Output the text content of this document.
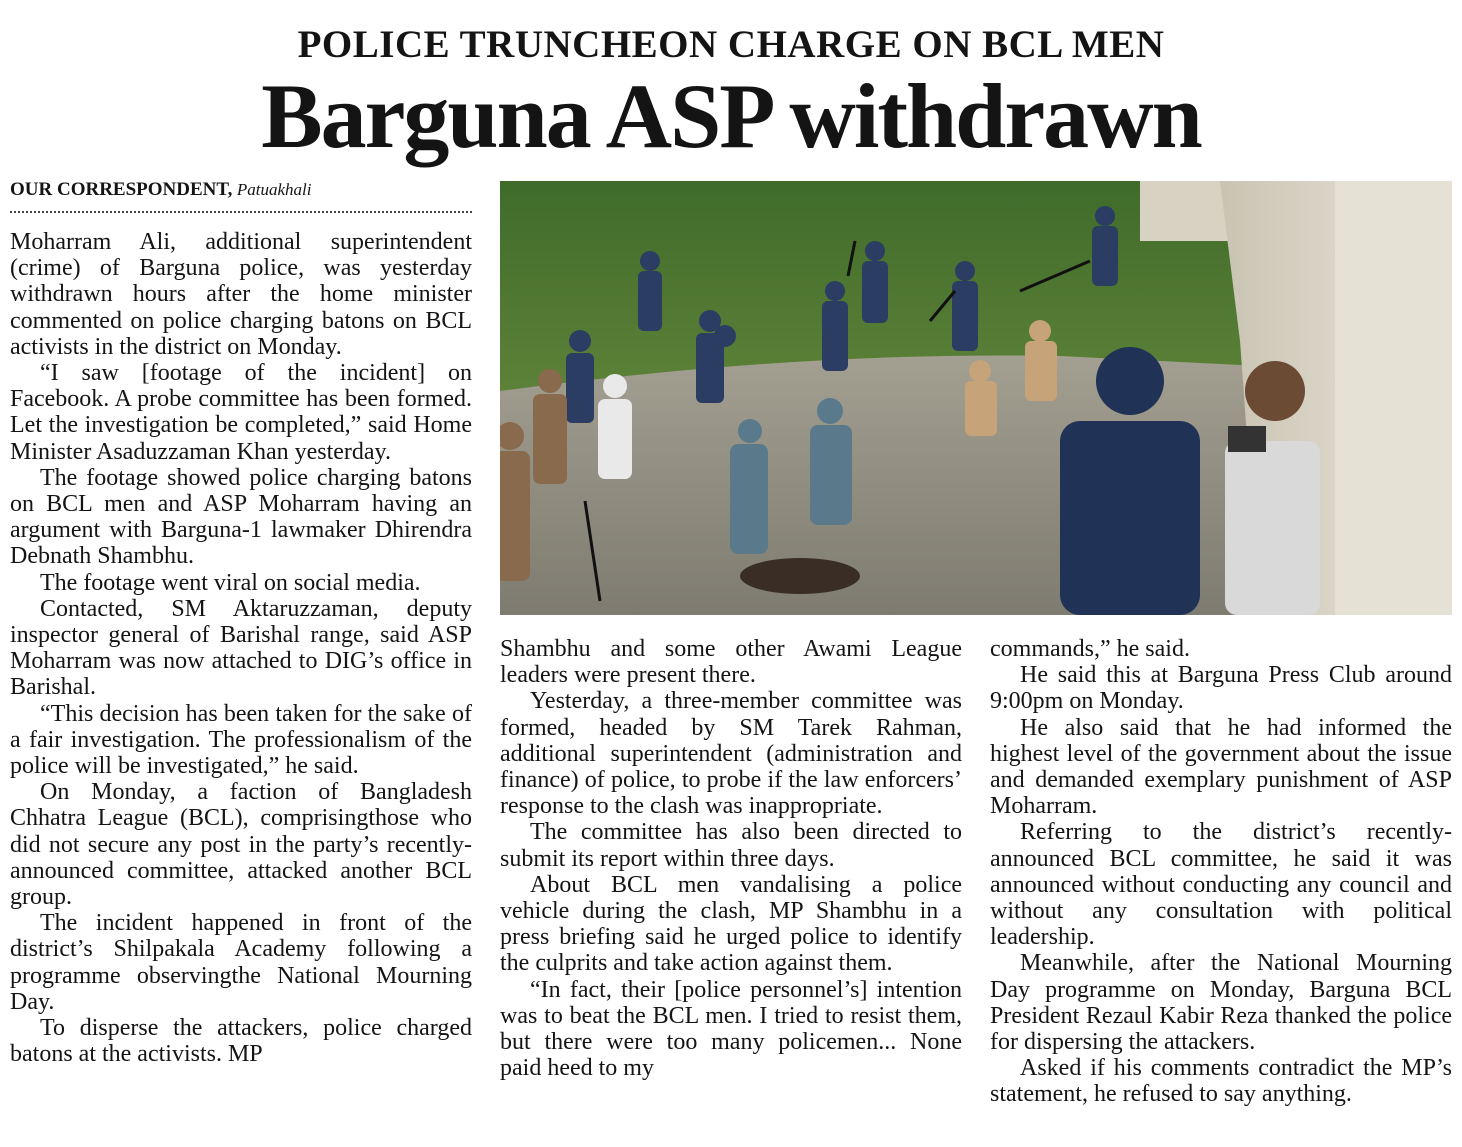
POLICE TRUNCHEON CHARGE ON BCL MEN
Barguna ASP withdrawn
OUR CORRESPONDENT, Patuakhali

Moharram Ali, additional superintendent (crime) of Barguna police, was yesterday withdrawn hours after the home minister commented on police charging batons on BCL activists in the district on Monday.

“I saw [footage of the incident] on Facebook. A probe committee has been formed. Let the investigation be completed,” said Home Minister Asaduzzaman Khan yesterday.

The footage showed police charging batons on BCL men and ASP Moharram having an argument with Barguna-1 lawmaker Dhirendra Debnath Shambhu.

The footage went viral on social media.

Contacted, SM Aktaruzzaman, deputy inspector general of Barishal range, said ASP Moharram was now attached to DIG’s office in Barishal.

“This decision has been taken for the sake of a fair investigation. The professionalism of the police will be investigated,” he said.

On Monday, a faction of Bangladesh Chhatra League (BCL), comprisingthose who did not secure any post in the party’s recently-announced committee, attacked another BCL group.

The incident happened in front of the district’s Shilpakala Academy following a programme observingthe National Mourning Day.

To disperse the attackers, police charged batons at the activists. MP

Shambhu and some other Awami League leaders were present there.

Yesterday, a three-member committee was formed, headed by SM Tarek Rahman, additional superintendent (administration and finance) of police, to probe if the law enforcers’ response to the clash was inappropriate.

The committee has also been directed to submit its report within three days.

About BCL men vandalising a police vehicle during the clash, MP Shambhu in a press briefing said he urged police to identify the culprits and take action against them.

“In fact, their [police personnel’s] intention was to beat the BCL men. I tried to resist them, but there were too many policemen... None paid heed to my

commands,” he said.

He said this at Barguna Press Club around 9:00pm on Monday.

He also said that he had informed the highest level of the government about the issue and demanded exemplary punishment of ASP Moharram.

Referring to the district’s recently-announced BCL committee, he said it was announced without conducting any council and without any consultation with political leadership.

Meanwhile, after the National Mourning Day programme on Monday, Barguna BCL President Rezaul Kabir Reza thanked the police for dispersing the attackers.

Asked if his comments contradict the MP’s statement, he refused to say anything.
